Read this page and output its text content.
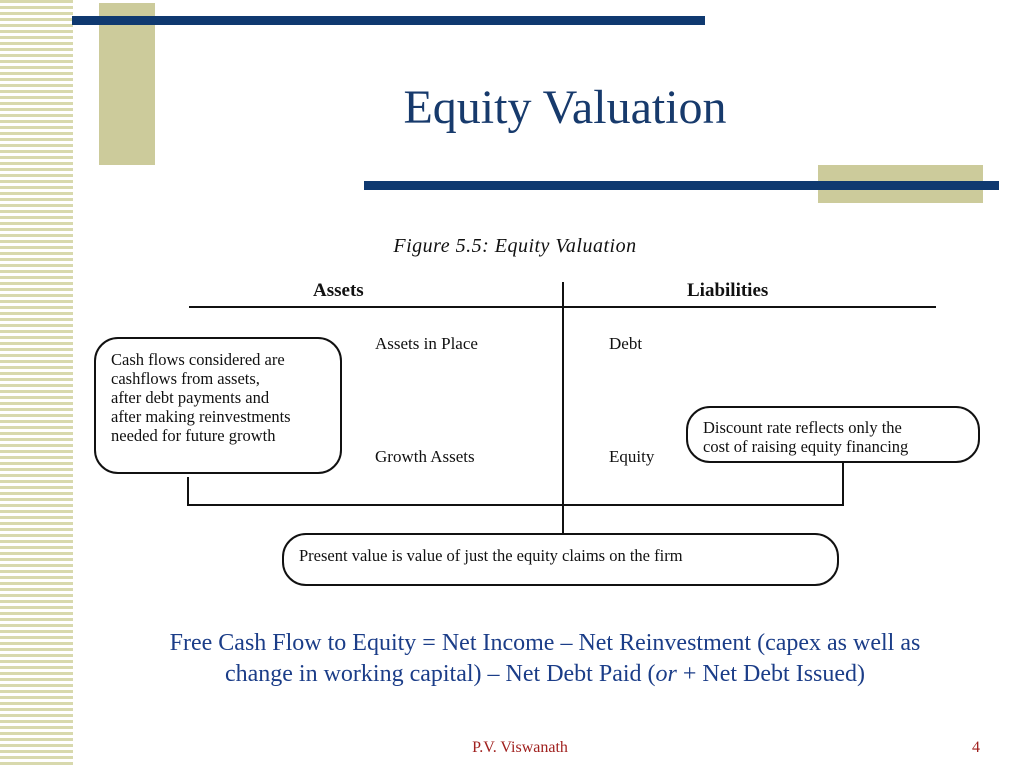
Equity Valuation
Figure 5.5: Equity Valuation
Assets	Liabilities
Assets in Place	Debt
Growth Assets	Equity
Cash flows considered are
cashflows from assets,
after debt payments and
after making reinvestments
needed for future growth	Discount rate reflects only the
cost of raising equity financing
Present value is value of just the equity claims on the firm
Free Cash Flow to Equity = Net Income – Net Reinvestment (capex as well as
change in working capital) – Net Debt Paid (or + Net Debt Issued)
P.V. Viswanath	4
